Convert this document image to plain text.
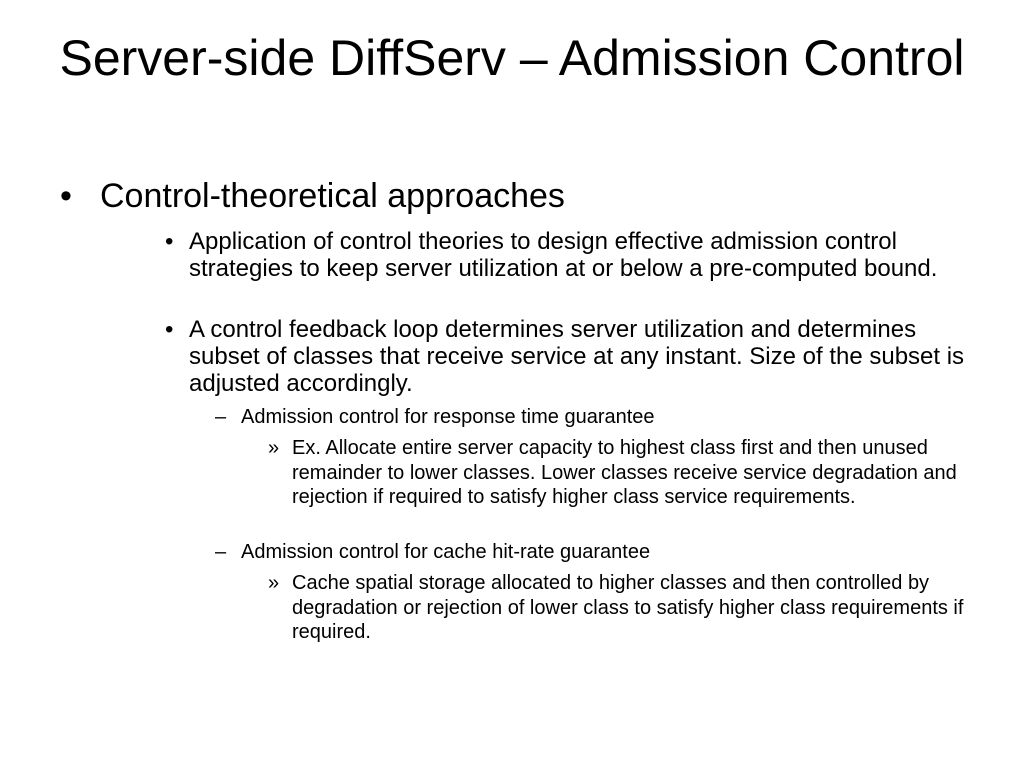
Server-side DiffServ – Admission Control
• Control-theoretical approaches
• Application of control theories to design effective admission control strategies to keep server utilization at or below a pre-computed bound.
• A control feedback loop determines server utilization and determines subset of classes that receive service at any instant. Size of the subset is adjusted accordingly.
– Admission control for response time guarantee
» Ex. Allocate entire server capacity to highest class first and then unused remainder to lower classes. Lower classes receive service degradation and rejection if required to satisfy higher class service requirements.
– Admission control for cache hit-rate guarantee
» Cache spatial storage allocated to higher classes and then controlled by degradation or rejection of lower class to satisfy higher class requirements if required.
